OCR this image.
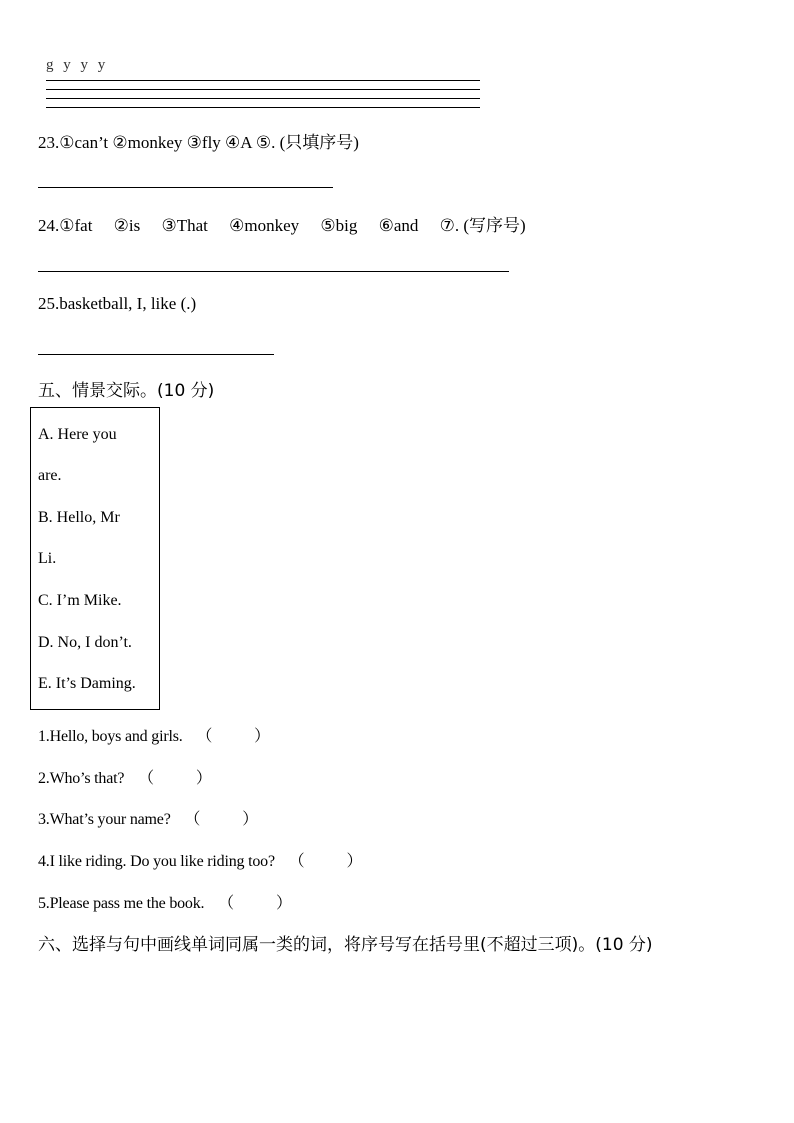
g y y y
23.①can’t ②monkey ③fly ④A ⑤. (只填序号)
24.①fat　 ②is　 ③That　 ④monkey　 ⑤big　 ⑥and　 ⑦. (写序号)
25.basketball, I, like (.)
五、情景交际。(10 分)
A. Here you
are.
B. Hello, Mr
Li.
C. I’m Mike.
D. No, I don’t.
E. It’s Daming.
1.Hello, boys and girls. （	）
2.Who’s that? （	）
3.What’s your name? （	）
4.I like riding. Do you like riding too? （	）
5.Please pass me the book. （	）
六、选择与句中画线单词同属一类的词，将序号写在括号里(不超过三项)。(10 分)
